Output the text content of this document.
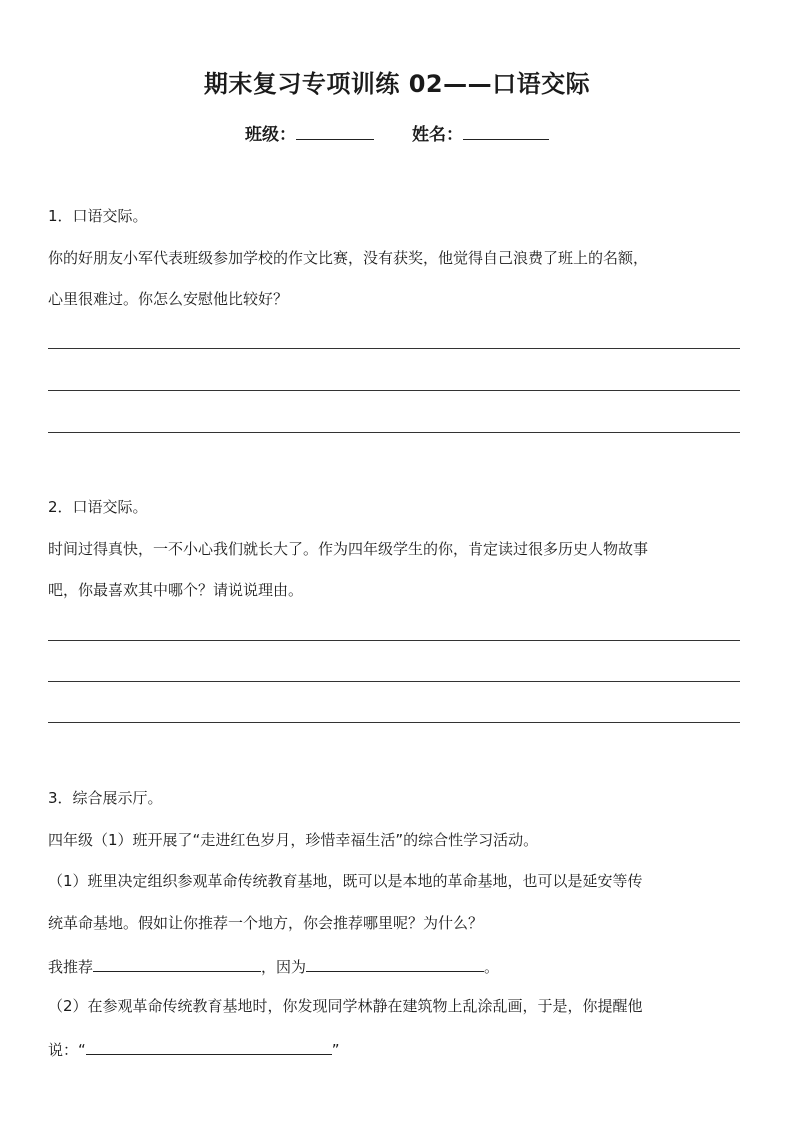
期末复习专项训练 02——口语交际
班级：	姓名：
1．口语交际。
你的好朋友小军代表班级参加学校的作文比赛，没有获奖，他觉得自己浪费了班上的名额，
心里很难过。你怎么安慰他比较好？
2．口语交际。
时间过得真快，一不小心我们就长大了。作为四年级学生的你，肯定读过很多历史人物故事
吧，你最喜欢其中哪个？请说说理由。
3．综合展示厅。
四年级（1）班开展了“走进红色岁月，珍惜幸福生活”的综合性学习活动。
（1）班里决定组织参观革命传统教育基地，既可以是本地的革命基地，也可以是延安等传
统革命基地。假如让你推荐一个地方，你会推荐哪里呢？为什么？
我推荐	，因为	。
（2）在参观革命传统教育基地时，你发现同学林静在建筑物上乱涂乱画，于是，你提醒他
说：“	”
